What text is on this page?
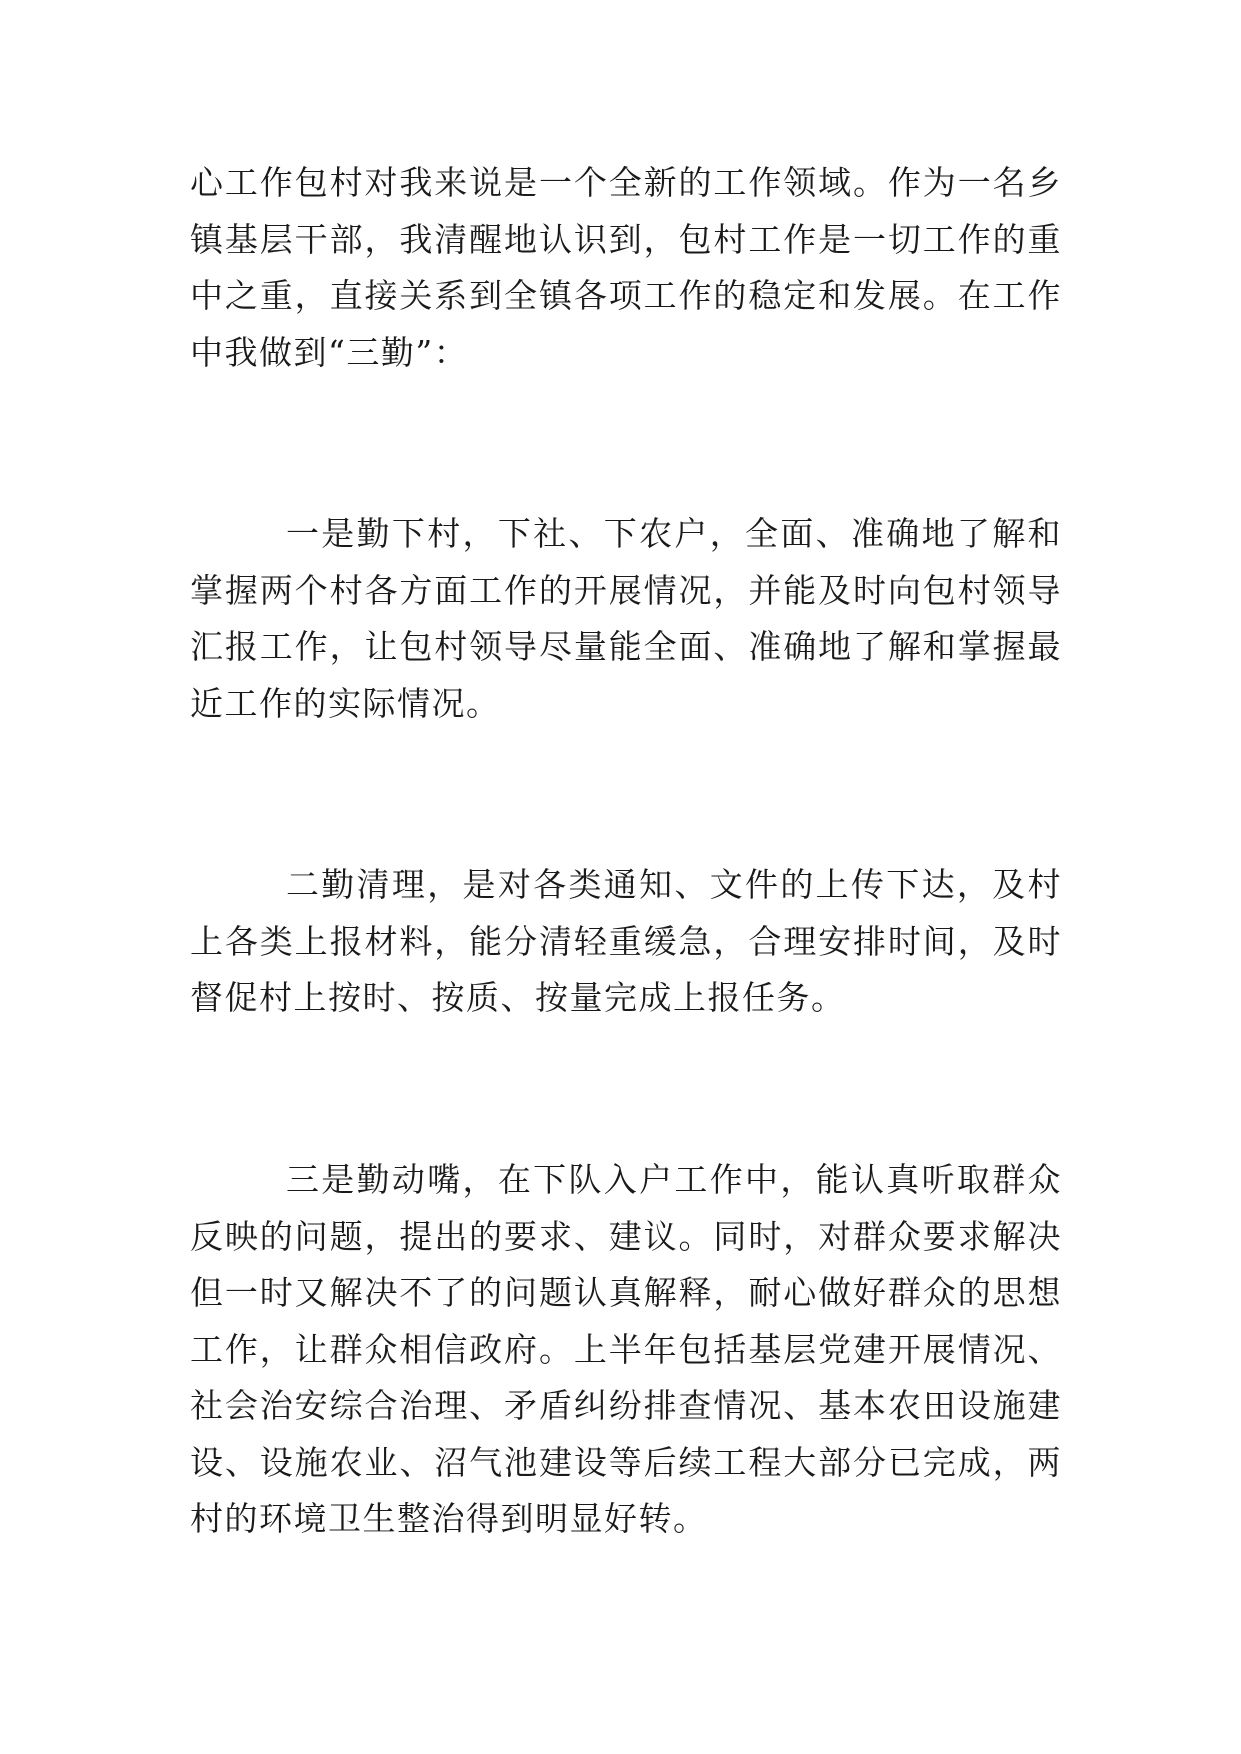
心工作包村对我来说是一个全新的工作领域。作为一名乡镇基层干部，我清醒地认识到，包村工作是一切工作的重中之重，直接关系到全镇各项工作的稳定和发展。在工作中我做到“三勤”：

一是勤下村，下社、下农户，全面、准确地了解和掌握两个村各方面工作的开展情况，并能及时向包村领导汇报工作，让包村领导尽量能全面、准确地了解和掌握最近工作的实际情况。

二勤清理，是对各类通知、文件的上传下达，及村上各类上报材料，能分清轻重缓急，合理安排时间，及时督促村上按时、按质、按量完成上报任务。

三是勤动嘴，在下队入户工作中，能认真听取群众反映的问题，提出的要求、建议。同时，对群众要求解决但一时又解决不了的问题认真解释，耐心做好群众的思想工作，让群众相信政府。上半年包括基层党建开展情况、社会治安综合治理、矛盾纠纷排查情况、基本农田设施建设、设施农业、沼气池建设等后续工程大部分已完成，两村的环境卫生整治得到明显好转。
